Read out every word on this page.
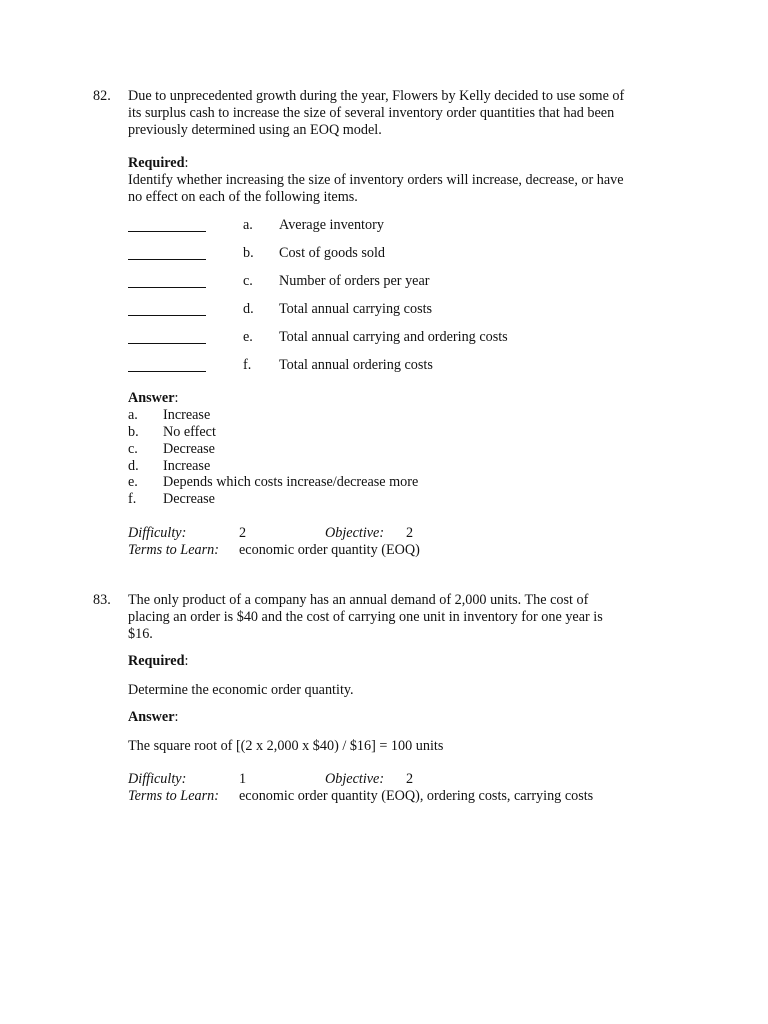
82. Due to unprecedented growth during the year, Flowers by Kelly decided to use some of
its surplus cash to increase the size of several inventory order quantities that had been
previously determined using an EOQ model.
Required:
Identify whether increasing the size of inventory orders will increase, decrease, or have
no effect on each of the following items.
a. Average inventory
b. Cost of goods sold
c. Number of orders per year
d. Total annual carrying costs
e. Total annual carrying and ordering costs
f. Total annual ordering costs
Answer:
a. Increase
b. No effect
c. Decrease
d. Increase
e. Depends which costs increase/decrease more
f. Decrease
Difficulty:	2	Objective: 2
Terms to Learn: economic order quantity (EOQ)
83. The only product of a company has an annual demand of 2,000 units. The cost of
placing an order is $40 and the cost of carrying one unit in inventory for one year is
$16.
Required:
Determine the economic order quantity.
Answer:
The square root of [(2 x 2,000 x $40) / $16] = 100 units
Difficulty:	1	Objective: 2
Terms to Learn: economic order quantity (EOQ), ordering costs, carrying costs
